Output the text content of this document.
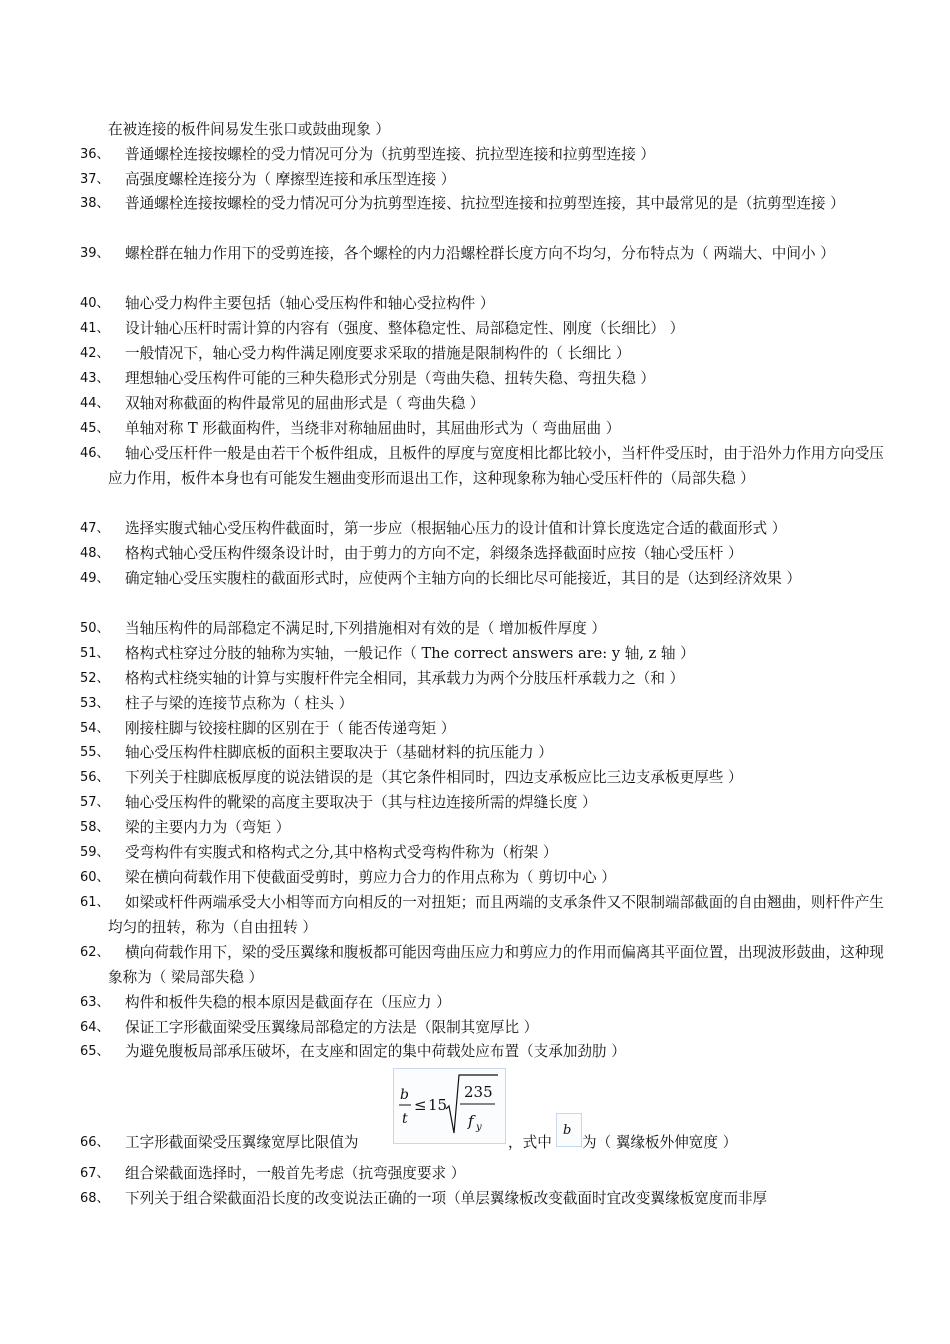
在被连接的板件间易发生张口或鼓曲现象 ）
36、	普通螺栓连接按螺栓的受力情况可分为（抗剪型连接、抗拉型连接和拉剪型连接 ）
37、	高强度螺栓连接分为（ 摩擦型连接和承压型连接 ）
38、	普通螺栓连接按螺栓的受力情况可分为抗剪型连接、抗拉型连接和拉剪型连接，其中最常见的是（抗剪型连接 ）
39、	螺栓群在轴力作用下的受剪连接，各个螺栓的内力沿螺栓群长度方向不均匀，分布特点为（ 两端大、中间小 ）
40、	轴心受力构件主要包括（轴心受压构件和轴心受拉构件 ）
41、	设计轴心压杆时需计算的内容有（强度、整体稳定性、局部稳定性、刚度（长细比） ）
42、	一般情况下，轴心受力构件满足刚度要求采取的措施是限制构件的（ 长细比 ）
43、	理想轴心受压构件可能的三种失稳形式分别是（弯曲失稳、扭转失稳、弯扭失稳 ）
44、	双轴对称截面的构件最常见的屈曲形式是（ 弯曲失稳 ）
45、	单轴对称 T 形截面构件，当绕非对称轴屈曲时，其屈曲形式为（ 弯曲屈曲 ）
46、	轴心受压杆件一般是由若干个板件组成，且板件的厚度与宽度相比都比较小，当杆件受压时，由于沿外力作用方向受压应力作用，板件本身也有可能发生翘曲变形而退出工作，这种现象称为轴心受压杆件的（局部失稳 ）
47、	选择实腹式轴心受压构件截面时，第一步应（根据轴心压力的设计值和计算长度选定合适的截面形式 ）
48、	格构式轴心受压构件缀条设计时，由于剪力的方向不定，斜缀条选择截面时应按（轴心受压杆 ）
49、	确定轴心受压实腹柱的截面形式时，应使两个主轴方向的长细比尽可能接近，其目的是（达到经济效果 ）
50、	当轴压构件的局部稳定不满足时,下列措施相对有效的是（ 增加板件厚度 ）
51、	格构式柱穿过分肢的轴称为实轴，一般记作（ The correct answers are: y 轴, z 轴 ）
52、	格构式柱绕实轴的计算与实腹杆件完全相同，其承载力为两个分肢压杆承载力之（和 ）
53、	柱子与梁的连接节点称为（ 柱头 ）
54、	刚接柱脚与铰接柱脚的区别在于（ 能否传递弯矩 ）
55、	轴心受压构件柱脚底板的面积主要取决于（基础材料的抗压能力 ）
56、	下列关于柱脚底板厚度的说法错误的是（其它条件相同时，四边支承板应比三边支承板更厚些 ）
57、	轴心受压构件的靴梁的高度主要取决于（其与柱边连接所需的焊缝长度 ）
58、	梁的主要内力为（弯矩 ）
59、	受弯构件有实腹式和格构式之分,其中格构式受弯构件称为（桁架 ）
60、	梁在横向荷载作用下使截面受剪时，剪应力合力的作用点称为（ 剪切中心 ）
61、	如梁或杆件两端承受大小相等而方向相反的一对扭矩；而且两端的支承条件又不限制端部截面的自由翘曲，则杆件产生均匀的扭转，称为（自由扭转 ）
62、	横向荷载作用下，梁的受压翼缘和腹板都可能因弯曲压应力和剪应力的作用而偏离其平面位置，出现波形鼓曲，这种现象称为（ 梁局部失稳 ）
63、	构件和板件失稳的根本原因是截面存在（压应力 ）
64、	保证工字形截面梁受压翼缘局部稳定的方法是（限制其宽厚比 ）
65、	为避免腹板局部承压破坏，在支座和固定的集中荷载处应布置（支承加劲肋 ）
b
t
≤ 15
235
f y	b
66、 工字形截面梁受压翼缘宽厚比限值为	，式中 为（ 翼缘板外伸宽度 ）
67、	组合梁截面选择时，一般首先考虑（抗弯强度要求 ）
68、	下列关于组合梁截面沿长度的改变说法正确的一项（单层翼缘板改变截面时宜改变翼缘板宽度而非厚
